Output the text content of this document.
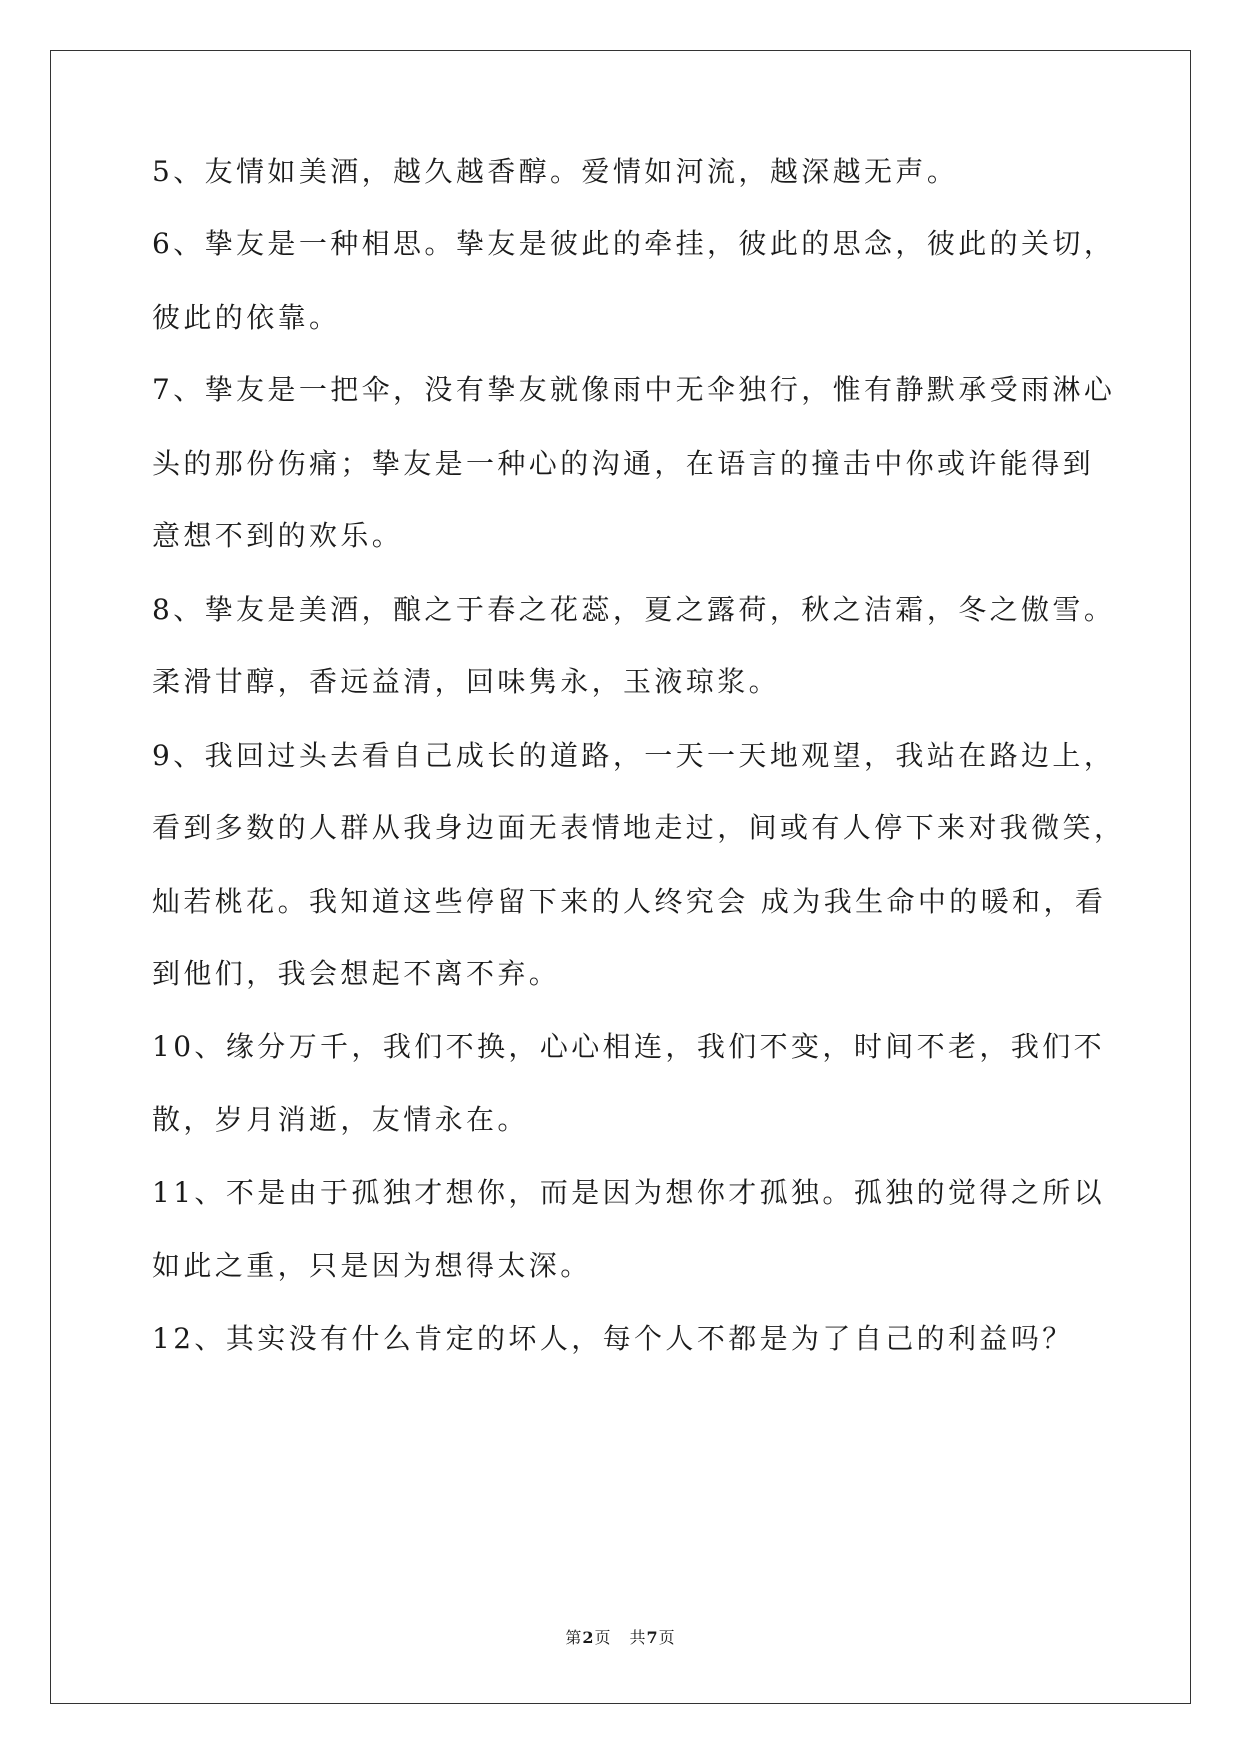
5、友情如美酒，越久越香醇。爱情如河流，越深越无声。
6、挚友是一种相思。挚友是彼此的牵挂，彼此的思念，彼此的关切，
彼此的依靠。
7、挚友是一把伞，没有挚友就像雨中无伞独行，惟有静默承受雨淋心
头的那份伤痛；挚友是一种心的沟通，在语言的撞击中你或许能得到
意想不到的欢乐。
8、挚友是美酒，酿之于春之花蕊，夏之露荷，秋之洁霜，冬之傲雪。
柔滑甘醇，香远益清，回味隽永，玉液琼浆。
9、我回过头去看自己成长的道路，一天一天地观望，我站在路边上，
看到多数的人群从我身边面无表情地走过，间或有人停下来对我微笑，
灿若桃花。我知道这些停留下来的人终究会 成为我生命中的暖和，看
到他们，我会想起不离不弃。
10、缘分万千，我们不换，心心相连，我们不变，时间不老，我们不
散，岁月消逝，友情永在。
11、不是由于孤独才想你，而是因为想你才孤独。孤独的觉得之所以
如此之重，只是因为想得太深。
12、其实没有什么肯定的坏人，每个人不都是为了自己的利益吗？
第2页 共7页
